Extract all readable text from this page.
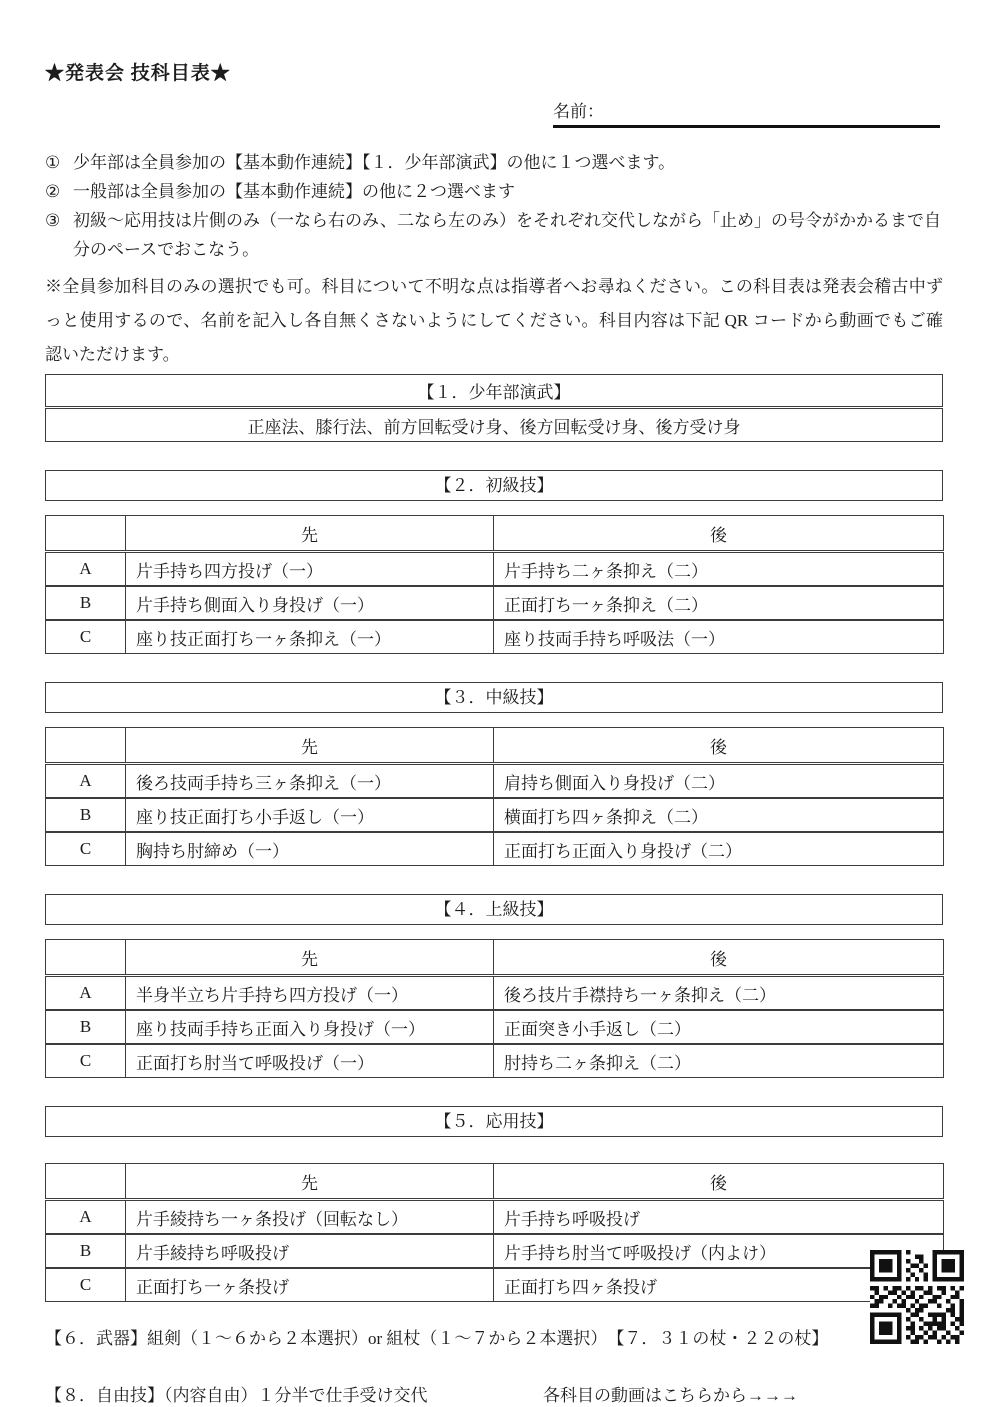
★発表会 技科目表★
名前：
① 少年部は全員参加の【基本動作連続】【１．少年部演武】の他に１つ選べます。
② 一般部は全員参加の【基本動作連続】の他に２つ選べます
③ 初級～応用技は片側のみ（一なら右のみ、二なら左のみ）をそれぞれ交代しながら「止め」の号令がかかるまで自分のペースでおこなう。
※全員参加科目のみの選択でも可。科目について不明な点は指導者へお尋ねください。この科目表は発表会稽古中ずっと使用するので、名前を記入し各自無くさないようにしてください。科目内容は下記 QR コードから動画でもご確認いただけます。
【１．少年部演武】
正座法、膝行法、前方回転受け身、後方回転受け身、後方受け身
【２．初級技】
	先	後
A	片手持ち四方投げ（一）	片手持ち二ヶ条抑え（二）
B	片手持ち側面入り身投げ（一）	正面打ち一ヶ条抑え（二）
C	座り技正面打ち一ヶ条抑え（一）	座り技両手持ち呼吸法（一）
【３．中級技】
	先	後
A	後ろ技両手持ち三ヶ条抑え（一）	肩持ち側面入り身投げ（二）
B	座り技正面打ち小手返し（一）	横面打ち四ヶ条抑え（二）
C	胸持ち肘締め（一）	正面打ち正面入り身投げ（二）
【４．上級技】
	先	後
A	半身半立ち片手持ち四方投げ（一）	後ろ技片手襟持ち一ヶ条抑え（二）
B	座り技両手持ち正面入り身投げ（一）	正面突き小手返し（二）
C	正面打ち肘当て呼吸投げ（一）	肘持ち二ヶ条抑え（二）
【５．応用技】
	先	後
A	片手綾持ち一ヶ条投げ（回転なし）	片手持ち呼吸投げ
B	片手綾持ち呼吸投げ	片手持ち肘当て呼吸投げ（内よけ）
C	正面打ち一ヶ条投げ	正面打ち四ヶ条投げ
【６．武器】組剣（１～６から２本選択）or 組杖（１～７から２本選択）　【７．３１の杖・２２の杖】
【８．自由技】（内容自由）１分半で仕手受け交代	各科目の動画はこちらから→→→
